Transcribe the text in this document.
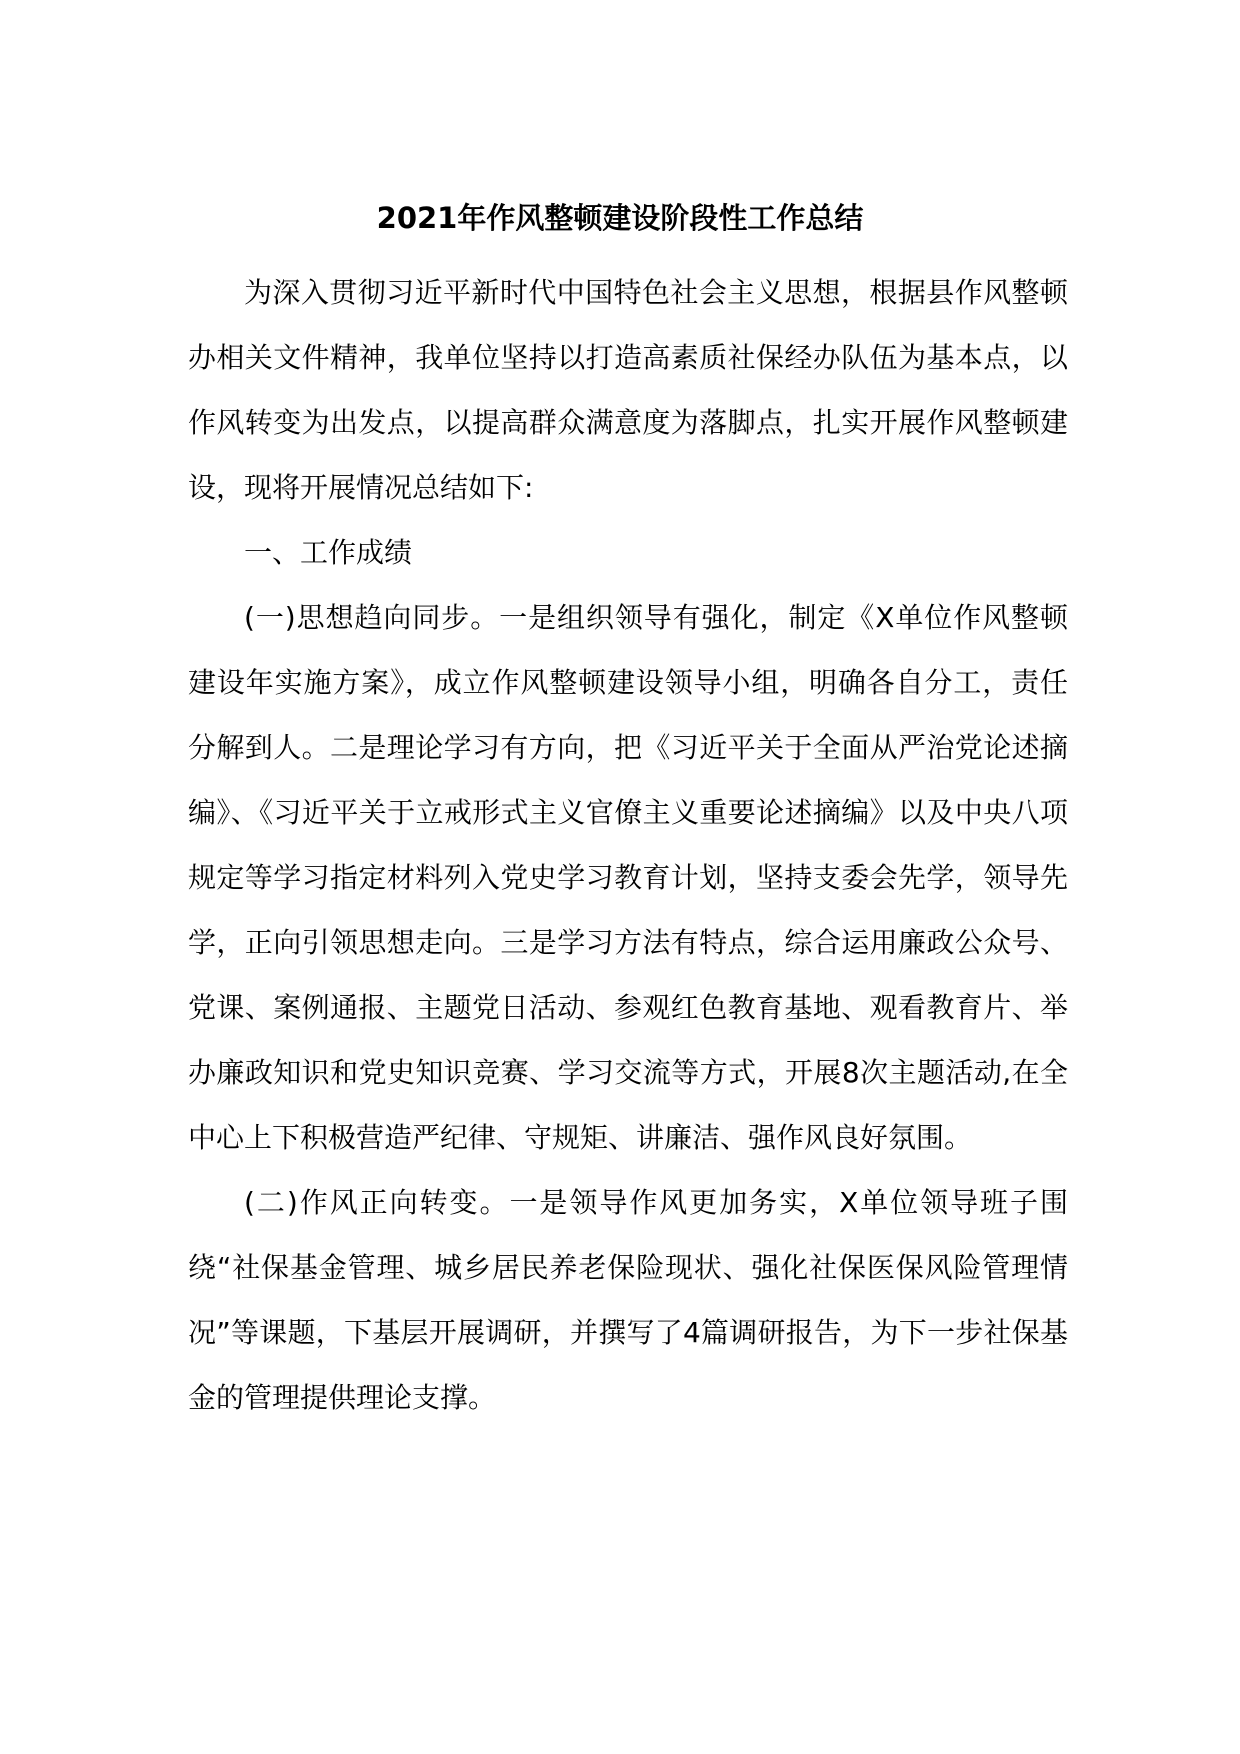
2021年作风整顿建设阶段性工作总结

为深入贯彻习近平新时代中国特色社会主义思想，根据县作风整顿办相关文件精神，我单位坚持以打造高素质社保经办队伍为基本点，以作风转变为出发点，以提高群众满意度为落脚点，扎实开展作风整顿建设，现将开展情况总结如下:

一、工作成绩

(一)思想趋向同步。一是组织领导有强化，制定《X单位作风整顿建设年实施方案》，成立作风整顿建设领导小组，明确各自分工，责任分解到人。二是理论学习有方向，把《习近平关于全面从严治党论述摘编》、《习近平关于立戒形式主义官僚主义重要论述摘编》以及中央八项规定等学习指定材料列入党史学习教育计划，坚持支委会先学，领导先学，正向引领思想走向。三是学习方法有特点，综合运用廉政公众号、党课、案例通报、主题党日活动、参观红色教育基地、观看教育片、举办廉政知识和党史知识竞赛、学习交流等方式，开展8次主题活动,在全中心上下积极营造严纪律、守规矩、讲廉洁、强作风良好氛围。

(二)作风正向转变。一是领导作风更加务实，X单位领导班子围绕“社保基金管理、城乡居民养老保险现状、强化社保医保风险管理情况”等课题，下基层开展调研，并撰写了4篇调研报告，为下一步社保基金的管理提供理论支撑。
